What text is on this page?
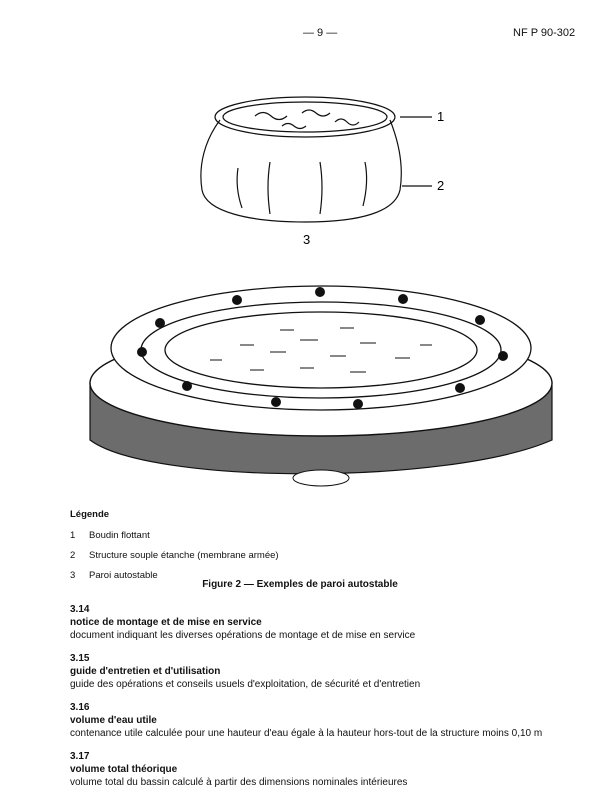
— 9 —	NF P 90-302
1
2
3
Légende
1	Boudin flottant
2	Structure souple étanche (membrane armée)
3	Paroi autostable
Figure 2 — Exemples de paroi autostable
3.14
notice de montage et de mise en service
document indiquant les diverses opérations de montage et de mise en service
3.15
guide d'entretien et d'utilisation
guide des opérations et conseils usuels d'exploitation, de sécurité et d'entretien
3.16
volume d'eau utile
contenance utile calculée pour une hauteur d'eau égale à la hauteur hors-tout de la structure moins 0,10 m
3.17
volume total théorique
volume total du bassin calculé à partir des dimensions nominales intérieures
